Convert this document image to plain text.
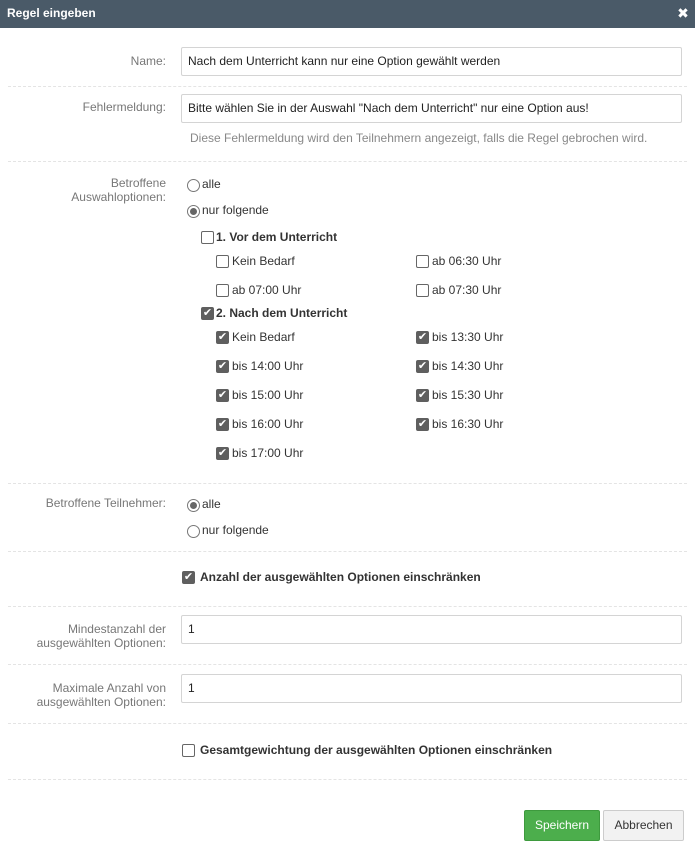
Regel eingeben	✖
Name:	Nach dem Unterricht kann nur eine Option gewählt werden
Fehlermeldung:	Bitte wählen Sie in der Auswahl "Nach dem Unterricht" nur eine Option aus!
Diese Fehlermeldung wird den Teilnehmern angezeigt, falls die Regel gebrochen wird.
Betroffene
Auswahloptionen:
alle
nur folgende
1. Vor dem Unterricht
Kein Bedarf	ab 06:30 Uhr
ab 07:00 Uhr	ab 07:30 Uhr
✔ 2. Nach dem Unterricht
✔ Kein Bedarf	✔ bis 13:30 Uhr
✔ bis 14:00 Uhr	✔ bis 14:30 Uhr
✔ bis 15:00 Uhr	✔ bis 15:30 Uhr
✔ bis 16:00 Uhr	✔ bis 16:30 Uhr
✔ bis 17:00 Uhr
Betroffene Teilnehmer:	alle
nur folgende
✔ Anzahl der ausgewählten Optionen einschränken
Mindestanzahl der
ausgewählten Optionen:
1
Maximale Anzahl von
ausgewählten Optionen:
1
Gesamtgewichtung der ausgewählten Optionen einschränken
Speichern	Abbrechen
